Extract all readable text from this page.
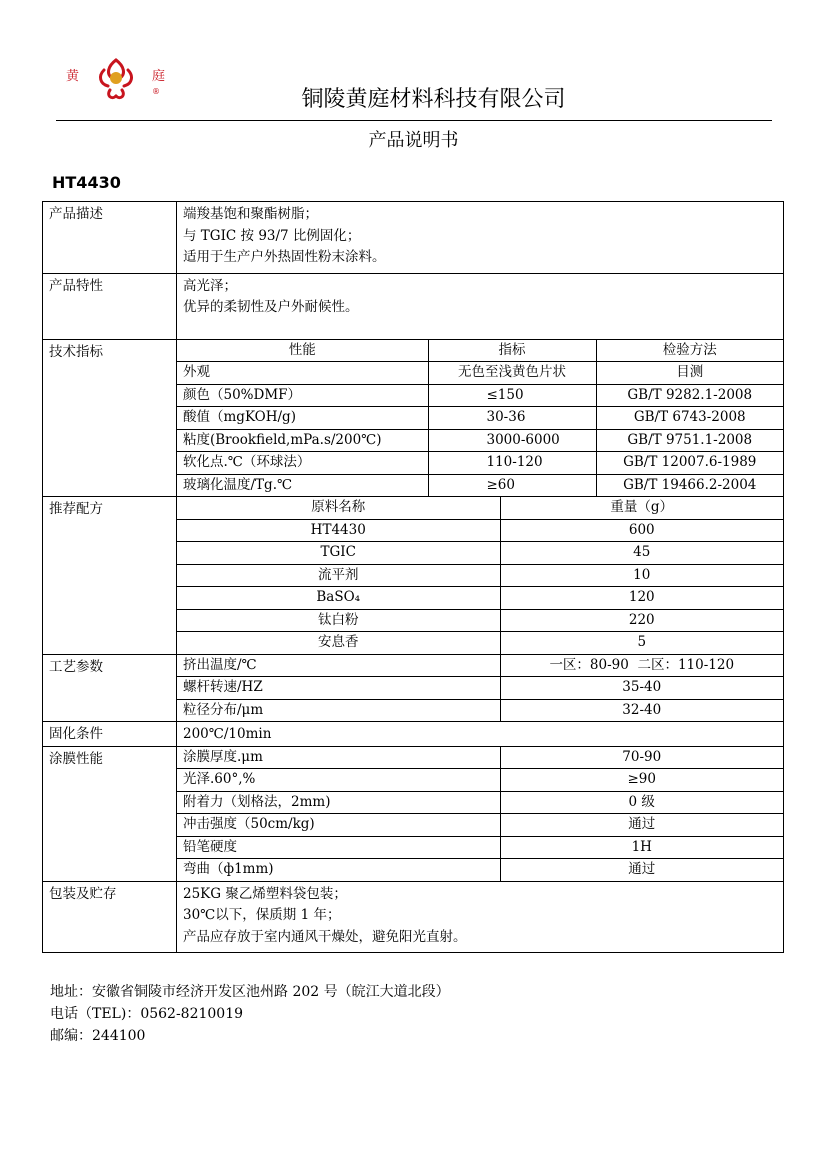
黄	庭
®	铜陵黄庭材料科技有限公司
产品说明书
HT4430
产品描述	端羧基饱和聚酯树脂；
与 TGIC 按 93/7 比例固化；
适用于生产户外热固性粉末涂料。

产品特性	高光泽；
优异的柔韧性及户外耐候性。

技术指标		性能	指标	检验方法
外观	无色至浅黄色片状	目测
颜色（50%DMF）	≤150	GB/T 9282.1-2008
酸值（mgKOH/g)	30-36	GB/T 6743-2008
粘度(Brookfield,mPa.s/200℃)	3000-6000	GB/T 9751.1-2008
软化点.℃（环球法）	110-120	GB/T 12007.6-1989
玻璃化温度/Tg.℃	≥60	GB/T 19466.2-2004

推荐配方		原料名称	重量（g）
HT4430	600
TGIC	45
流平剂	10
BaSO₄	120
钛白粉	220
安息香	5

工艺参数		挤出温度/℃	一区：80-90  二区：110-120
螺杆转速/HZ	35-40
粒径分布/μm	32-40

固化条件	200℃/10min
涂膜性能		涂膜厚度.μm	70-90
光泽.60°,%	≥90
附着力（划格法，2mm)	0 级
冲击强度（50cm/kg)	通过
铅笔硬度	1H
弯曲（ф1mm)	通过

包装及贮存	25KG 聚乙烯塑料袋包装；
30℃以下，保质期 1 年；
产品应存放于室内通风干燥处，避免阳光直射。
地址：安徽省铜陵市经济开发区池州路 202 号（皖江大道北段）
电话（TEL)：0562-8210019
邮编：244100
